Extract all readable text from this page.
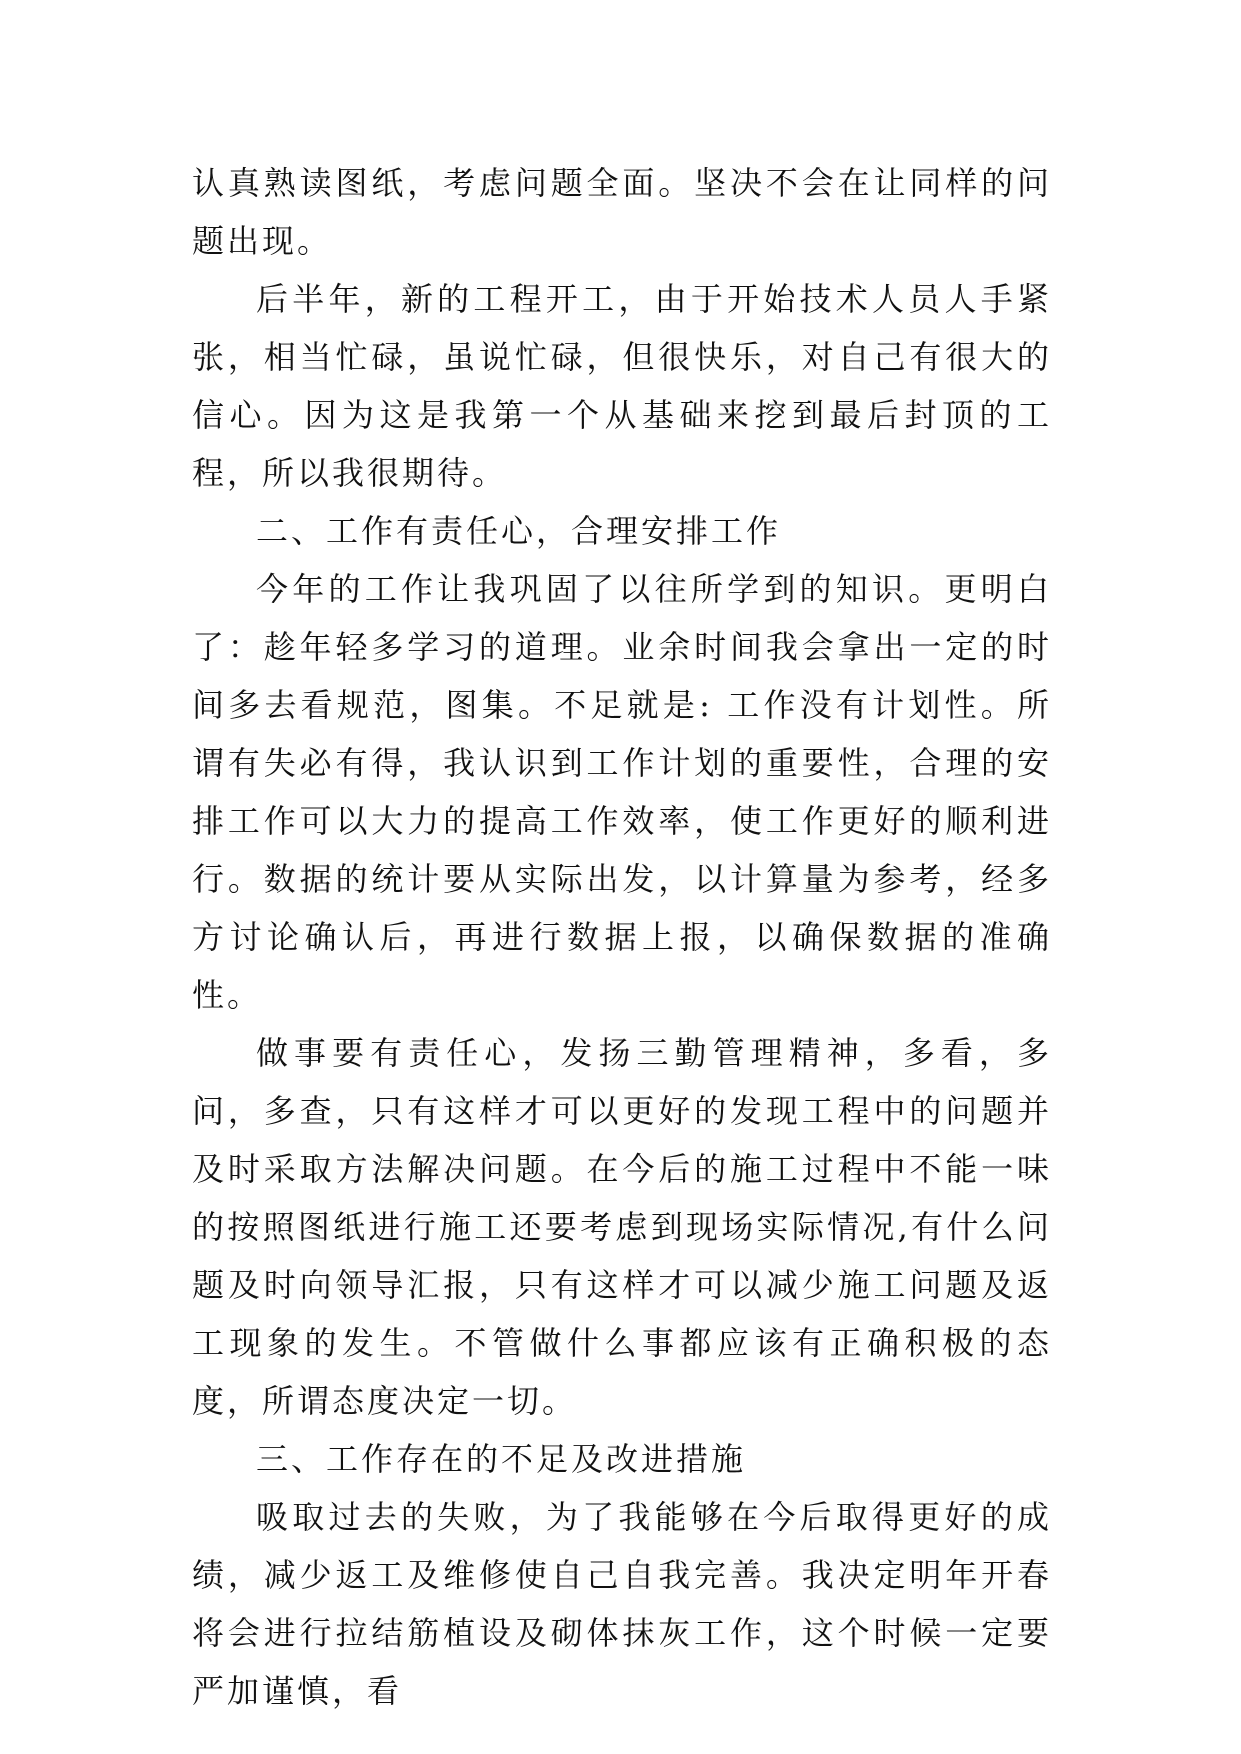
认真熟读图纸，考虑问题全面。坚决不会在让同样的问题出现。

后半年，新的工程开工，由于开始技术人员人手紧张，相当忙碌，虽说忙碌，但很快乐，对自己有很大的信心。因为这是我第一个从基础来挖到最后封顶的工程，所以我很期待。

二、工作有责任心，合理安排工作

今年的工作让我巩固了以往所学到的知识。更明白了：趁年轻多学习的道理。业余时间我会拿出一定的时间多去看规范，图集。不足就是: 工作没有计划性。所谓有失必有得，我认识到工作计划的重要性，合理的安排工作可以大力的提高工作效率，使工作更好的顺利进行。数据的统计要从实际出发，以计算量为参考，经多方讨论确认后，再进行数据上报，以确保数据的准确性。

做事要有责任心，发扬三勤管理精神，多看，多问，多查，只有这样才可以更好的发现工程中的问题并及时采取方法解决问题。在今后的施工过程中不能一味的按照图纸进行施工还要考虑到现场实际情况,有什么问题及时向领导汇报，只有这样才可以减少施工问题及返工现象的发生。不管做什么事都应该有正确积极的态度，所谓态度决定一切。

三、工作存在的不足及改进措施

吸取过去的失败，为了我能够在今后取得更好的成绩，减少返工及维修使自己自我完善。我决定明年开春将会进行拉结筋植设及砌体抹灰工作，这个时候一定要严加谨慎，看
